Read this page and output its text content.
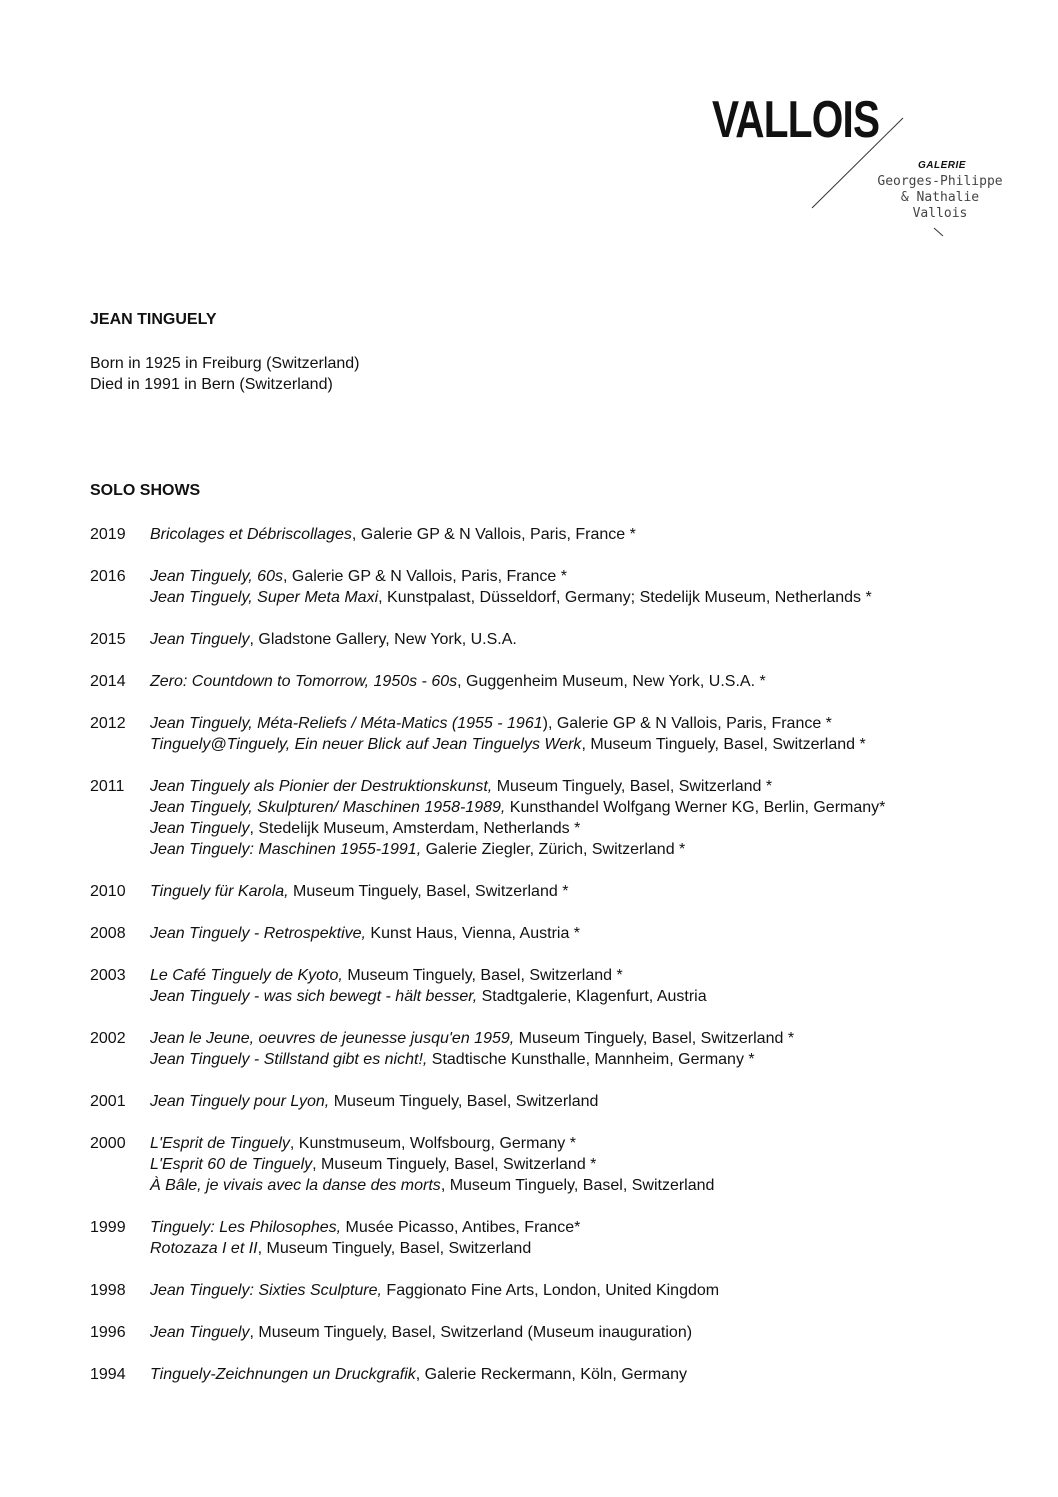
VALLOIS
GALERIE
Georges-Philippe
& Nathalie
Vallois
JEAN TINGUELY
Born in 1925 in Freiburg (Switzerland)
Died in 1991 in Bern (Switzerland)
SOLO SHOWS
2019	Bricolages et Débriscollages, Galerie GP & N Vallois, Paris, France *
2016	Jean Tinguely, 60s, Galerie GP & N Vallois, Paris, France *
Jean Tinguely, Super Meta Maxi, Kunstpalast, Düsseldorf, Germany; Stedelijk Museum, Netherlands *
2015	Jean Tinguely, Gladstone Gallery, New York, U.S.A.
2014	Zero: Countdown to Tomorrow, 1950s - 60s, Guggenheim Museum, New York, U.S.A. *
2012	Jean Tinguely, Méta-Reliefs / Méta-Matics (1955 - 1961), Galerie GP & N Vallois, Paris, France *
Tinguely@Tinguely, Ein neuer Blick auf Jean Tinguelys Werk, Museum Tinguely, Basel, Switzerland *
2011	Jean Tinguely als Pionier der Destruktionskunst, Museum Tinguely, Basel, Switzerland *
Jean Tinguely, Skulpturen/ Maschinen 1958-1989, Kunsthandel Wolfgang Werner KG, Berlin, Germany*
Jean Tinguely, Stedelijk Museum, Amsterdam, Netherlands *
Jean Tinguely: Maschinen 1955-1991, Galerie Ziegler, Zürich, Switzerland *
2010	Tinguely für Karola, Museum Tinguely, Basel, Switzerland *
2008	Jean Tinguely - Retrospektive, Kunst Haus, Vienna, Austria *
2003	Le Café Tinguely de Kyoto, Museum Tinguely, Basel, Switzerland *
Jean Tinguely - was sich bewegt - hält besser, Stadtgalerie, Klagenfurt, Austria
2002	Jean le Jeune, oeuvres de jeunesse jusqu'en 1959, Museum Tinguely, Basel, Switzerland *
Jean Tinguely - Stillstand gibt es nicht!, Stadtische Kunsthalle, Mannheim, Germany *
2001	Jean Tinguely pour Lyon, Museum Tinguely, Basel, Switzerland
2000	L'Esprit de Tinguely, Kunstmuseum, Wolfsbourg, Germany *
L'Esprit 60 de Tinguely, Museum Tinguely, Basel, Switzerland *
À Bâle, je vivais avec la danse des morts, Museum Tinguely, Basel, Switzerland
1999	Tinguely: Les Philosophes, Musée Picasso, Antibes, France*
Rotozaza I et II, Museum Tinguely, Basel, Switzerland
1998	Jean Tinguely: Sixties Sculpture, Faggionato Fine Arts, London, United Kingdom
1996	Jean Tinguely, Museum Tinguely, Basel, Switzerland (Museum inauguration)
1994	Tinguely-Zeichnungen un Druckgrafik, Galerie Reckermann, Köln, Germany
